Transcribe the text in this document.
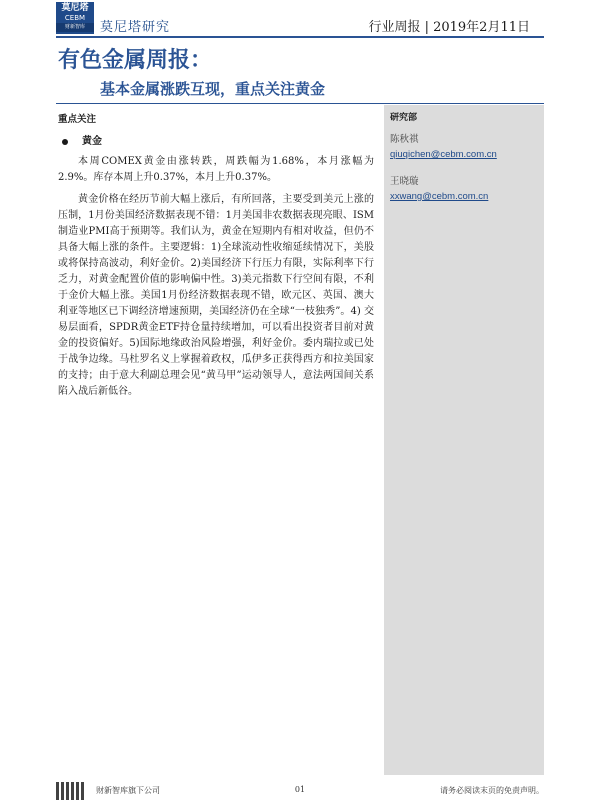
莫尼塔
CEBM
财新智库	莫尼塔研究	行业周报 | 2019年2月11日
有色金属周报：
基本金属涨跌互现，重点关注黄金
重点关注
黄金

本周COMEX黄金由涨转跌，周跌幅为1.68%，本月涨幅为2.9%。库存本周上升0.37%，本月上升0.37%。

黄金价格在经历节前大幅上涨后，有所回落，主要受到美元上涨的压制，1月份美国经济数据表现不错：1月美国非农数据表现亮眼、ISM制造业PMI高于预期等。我们认为，黄金在短期内有相对收益，但仍不具备大幅上涨的条件。主要逻辑：1)全球流动性收缩延续情况下，美股或将保持高波动，利好金价。2)美国经济下行压力有限，实际利率下行乏力，对黄金配置价值的影响偏中性。3)美元指数下行空间有限，不利于金价大幅上涨。美国1月份经济数据表现不错，欧元区、英国、澳大利亚等地区已下调经济增速预期，美国经济仍在全球“一枝独秀”。4) 交易层面看，SPDR黄金ETF持仓量持续增加，可以看出投资者目前对黄金的投资偏好。5)国际地缘政治风险增强，利好金价。委内瑞拉或已处于战争边缘。马杜罗名义上掌握着政权，瓜伊多正获得西方和拉美国家的支持；由于意大利副总理会见“黄马甲”运动领导人，意法两国间关系陷入战后新低谷。

研究部
陈秋祺
qiuqichen@cebm.com.cn
王晓璇
xxwang@cebm.com.cn
财新智库旗下公司	01	请务必阅读末页的免责声明。
